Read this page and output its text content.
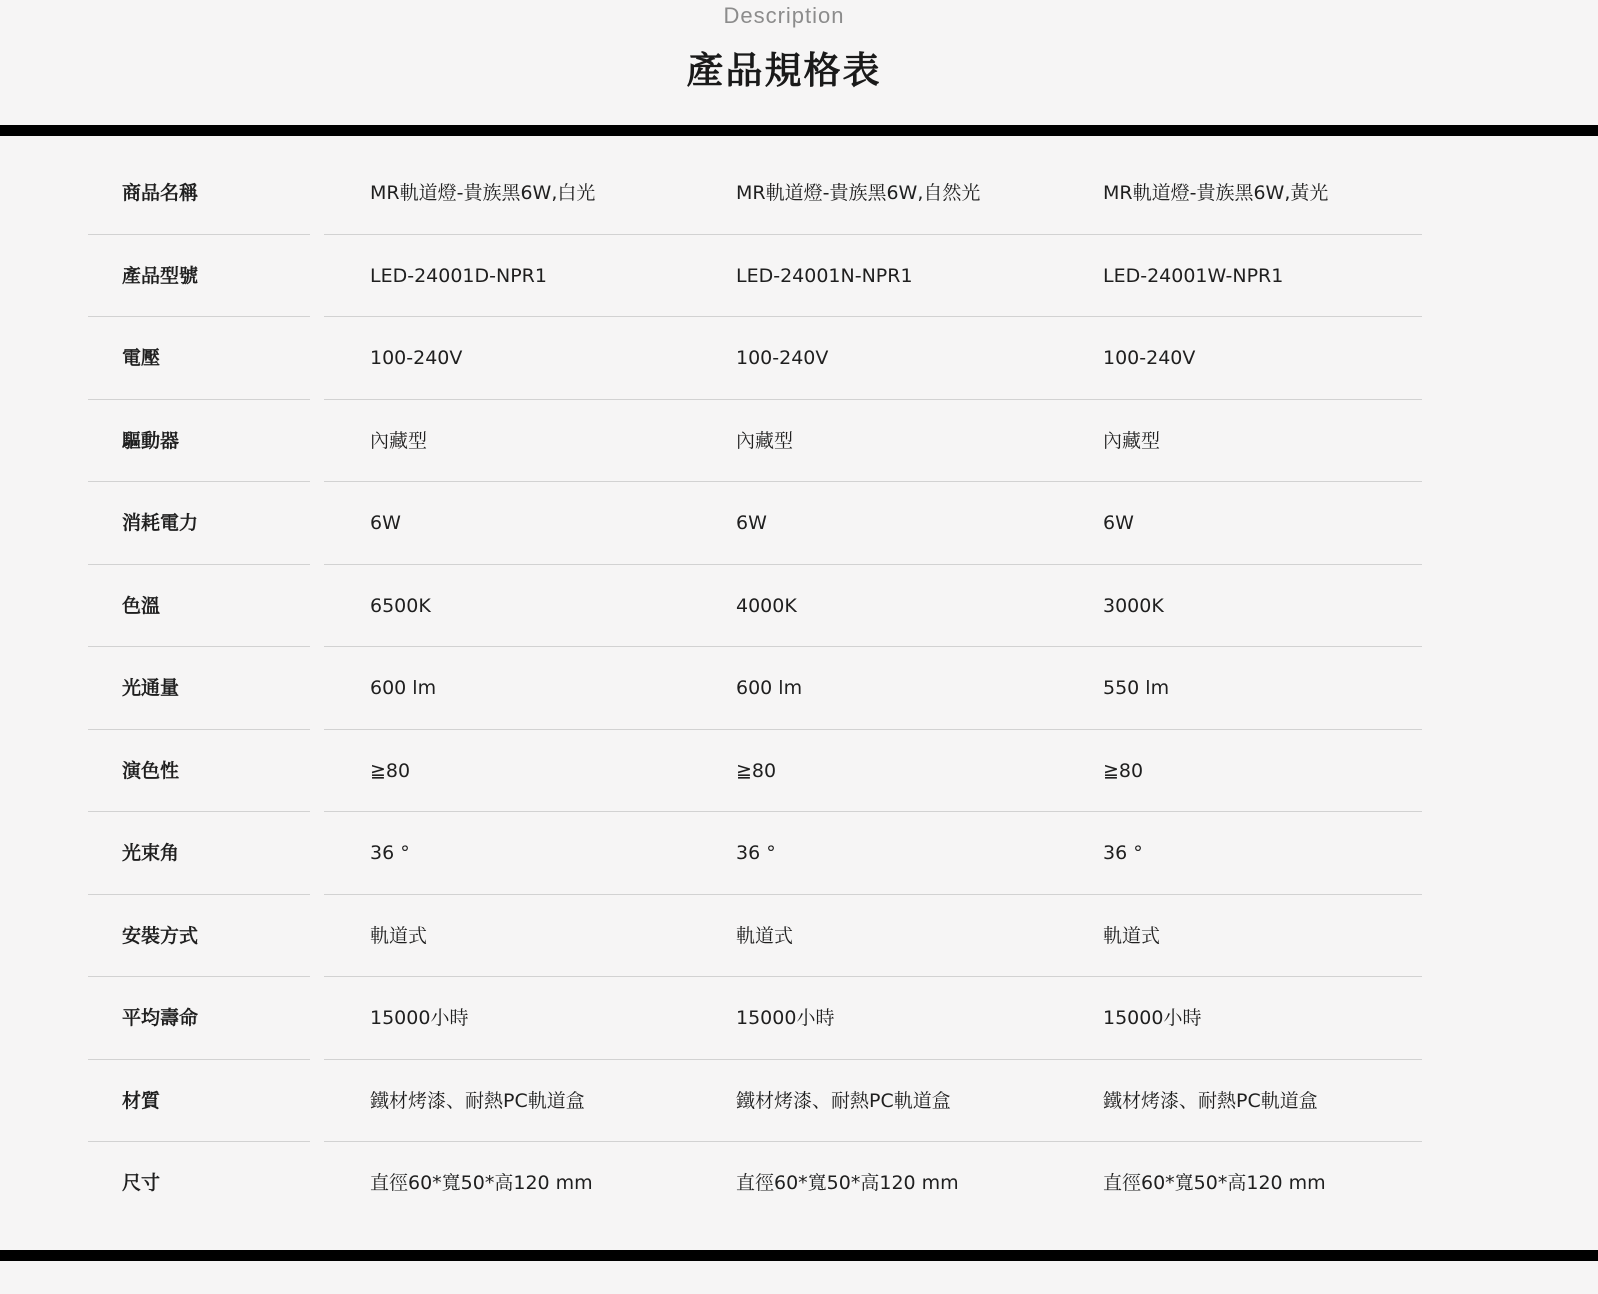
Description
產品規格表
商品名稱	MR軌道燈-貴族黑6W,白光	MR軌道燈-貴族黑6W,自然光	MR軌道燈-貴族黑6W,黃光
產品型號	LED-24001D-NPR1	LED-24001N-NPR1	LED-24001W-NPR1
電壓	100-240V	100-240V	100-240V
驅動器	內藏型	內藏型	內藏型
消耗電力	6W	6W	6W
色溫	6500K	4000K	3000K
光通量	600 lm	600 lm	550 lm
演色性	≧80	≧80	≧80
光束角	36 °	36 °	36 °
安裝方式	軌道式	軌道式	軌道式
平均壽命	15000小時	15000小時	15000小時
材質	鐵材烤漆、耐熱PC軌道盒	鐵材烤漆、耐熱PC軌道盒	鐵材烤漆、耐熱PC軌道盒
尺寸	直徑60*寬50*高120 mm	直徑60*寬50*高120 mm	直徑60*寬50*高120 mm
